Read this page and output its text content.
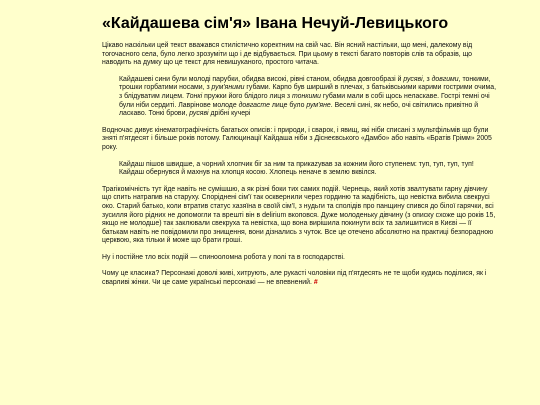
«Кайдашева сім'я» Івана Нечуй-Левицького

Цікаво наскільки цей текст вважався стилістично коректним на свій час. Він ясний настільки, що мені, далекому від тогочасного села, було легко зрозуміти що і де відбувається. При цьому в тексті багато повторів слів та образів, що наводить на думку що це текст для невишуканого, простого читача.

Кайдашеві сини були молоді парубки, обидва високі, рівні станом, обидва довгообразі й русяві, з довгими, тонкими, трошки горбатими носами, з рум'яними губами. Карпо був ширший в плечах, з батьківськими карими гострими очима, з блідуватим лицем. Тонкі пружки його блідого лиця з тонкими губами мали в собі щось нелaскаве. Гострі темні очі були ніби сердиті. Лаврінове молоде довгасте лице було рум'яне. Веселі сині, як небо, очі світились привітно й ласкаво. Тонкі брови, русяві дрібні кучері

Водночас дивує кінематографічність багатьох описів: і природи, і сварок, і явищ, які ніби списані з мультфільмів що були знятi п'ятдесят і більше років потому. Галюцинації Кайдаша ніби з Діснеєвського «Дамбо» або навіть «Братів Грімм» 2005 року.

Кайдаш пішов швидше, а чорний хлопчик біг за ним та прикazував за кожним його ступенем: туп, туп, туп, туп! Кайдаш обернувся й махнув на хлопця кocою. Хлопець неначе в землю вквiлся.

Трагікомічність тут йде навіть не сумішшю, а як різні боки тих самих подій. Чернець, який хотів звалтувати гарну дівчину що спить натрапив на старуху. Споріднені сім'ї так осквернили через гординю та жадібність, що невістка вибила свекрусі око. Старий батько, коли втратив статус хазяїна в своїй сім'ї, з нудьги та сполідів про панщину спився до білої гарячки, всі зусилля його рідних не допомогли та врешті він в delirium вкоповся. Дуже молоденьку дівчину (з описку схоже що років 15, якщо не молодше) так заклювали свекруха та невістка, що вона вирішила покинути всіх та залишитися в Києві — її батькам навіть не повідомили про знищення, вони дізнались з чуток. Все це отечено абсолютно на практиці безпорадною церквою, яка тільки й може що брати гроші.

Ну і постійне тло всіх подій — спинооломна робота у полі та в господарстві.

Чому це класика? Персонажі доволі живі, хитрують, але рукасті чоловіки під п'ятдесять не те щоби кудись поділися, як і сварливі жінки. Чи це саме українські персонажі — не впевнений. #
